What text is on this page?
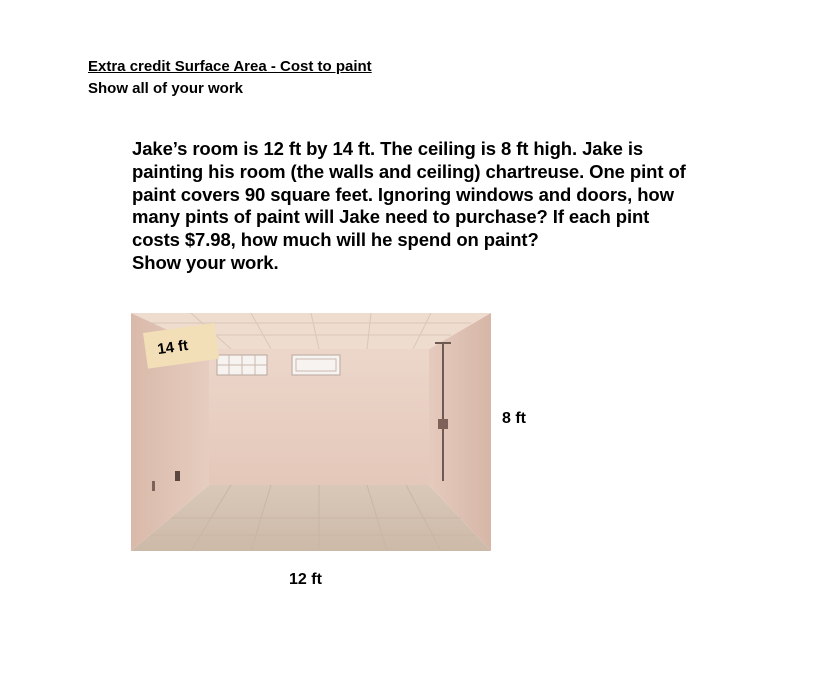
Extra credit Surface Area - Cost to paint
Show all of your work
Jake’s room is 12 ft by 14 ft. The ceiling is 8 ft high. Jake is
painting his room (the walls and ceiling) chartreuse. One pint of
paint covers 90 square feet. Ignoring windows and doors, how
many pints of paint will Jake need to purchase? If each pint
costs $7.98, how much will he spend on paint?
Show your work.
14 ft
8 ft
12 ft
